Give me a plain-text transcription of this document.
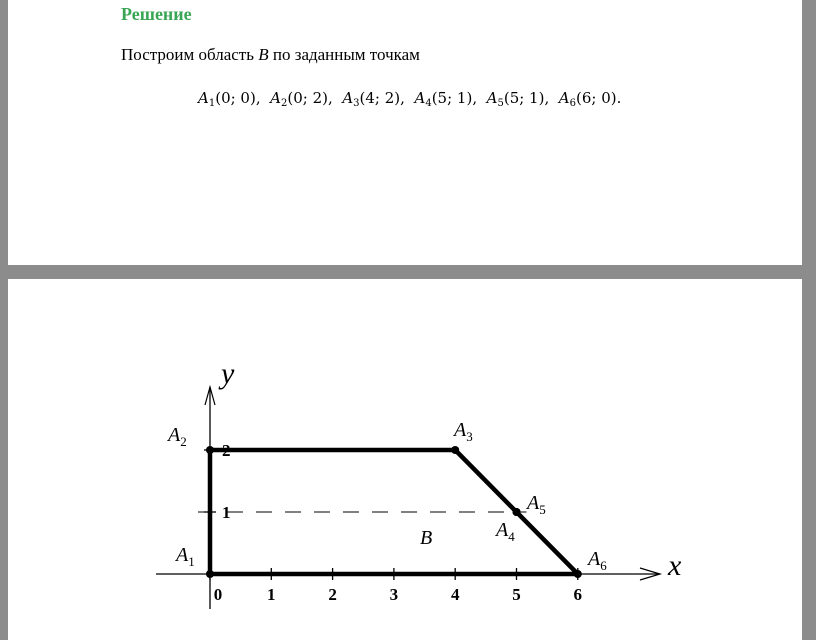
Решение
Построим область B по заданным точкам
$A_1(0$; 0),  $A_2(0$; 2),  $A_3(4$; 2),  $A_4(5$; 1),  $A_5(5$; 1),  $A_6(6$; 0).
0	1	2	3	4	5	6
1
2
x
y
B
$A_1$
$A_2$
$A_3$
$A_4$
$A_5$
$A_6$
